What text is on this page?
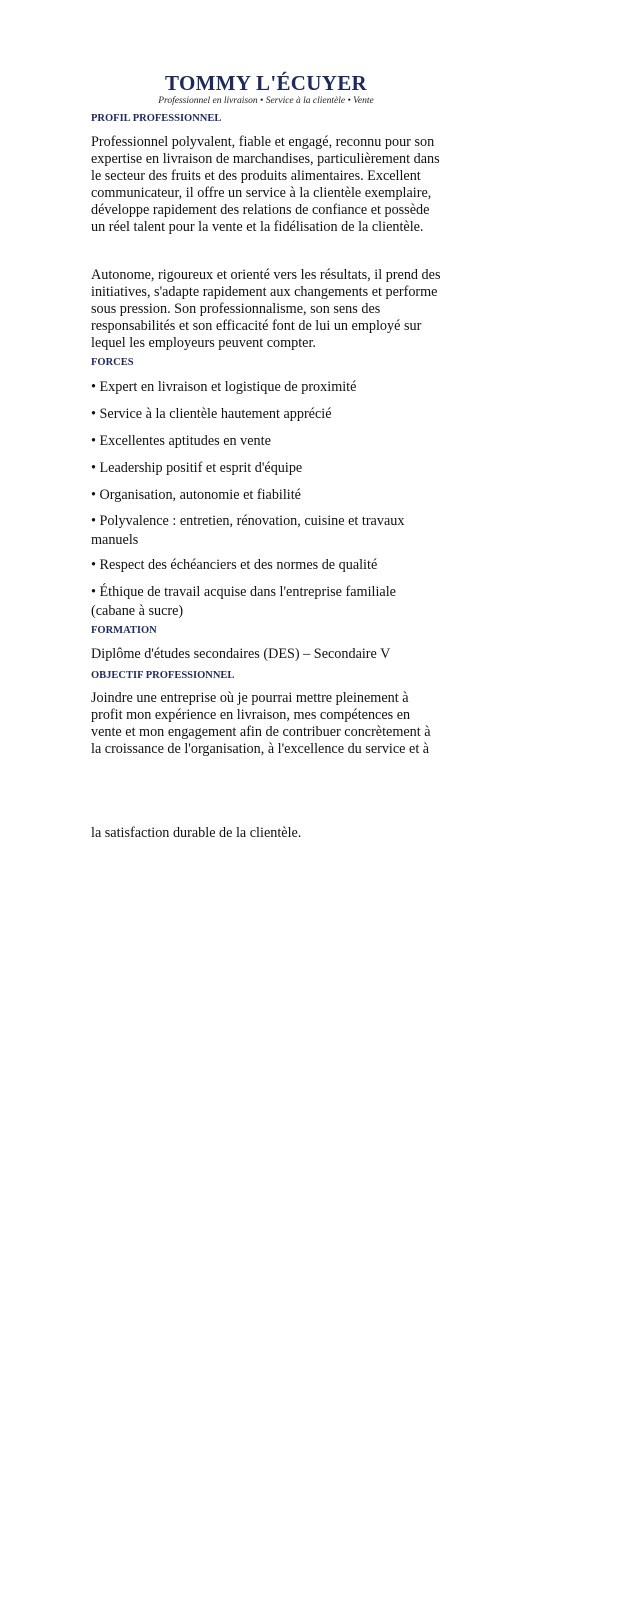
TOMMY L'ÉCUYER

Professionnel en livraison • Service à la clientèle • Vente

PROFIL PROFESSIONNEL

Professionnel polyvalent, fiable et engagé, reconnu pour son expertise en livraison de marchandises, particulièrement dans le secteur des fruits et des produits alimentaires. Excellent communicateur, il offre un service à la clientèle exemplaire, développe rapidement des relations de confiance et possède un réel talent pour la vente et la fidélisation de la clientèle.

Autonome, rigoureux et orienté vers les résultats, il prend des initiatives, s'adapte rapidement aux changements et performe sous pression. Son professionnalisme, son sens des responsabilités et son efficacité font de lui un employé sur lequel les employeurs peuvent compter.

FORCES

• Expert en livraison et logistique de proximité

• Service à la clientèle hautement apprécié

• Excellentes aptitudes en vente

• Leadership positif et esprit d'équipe

• Organisation, autonomie et fiabilité

• Polyvalence : entretien, rénovation, cuisine et travaux manuels

• Respect des échéanciers et des normes de qualité

• Éthique de travail acquise dans l'entreprise familiale (cabane à sucre)

FORMATION

Diplôme d'études secondaires (DES) – Secondaire V

OBJECTIF PROFESSIONNEL

Joindre une entreprise où je pourrai mettre pleinement à profit mon expérience en livraison, mes compétences en vente et mon engagement afin de contribuer concrètement à la croissance de l'organisation, à l'excellence du service et à

la satisfaction durable de la clientèle.
